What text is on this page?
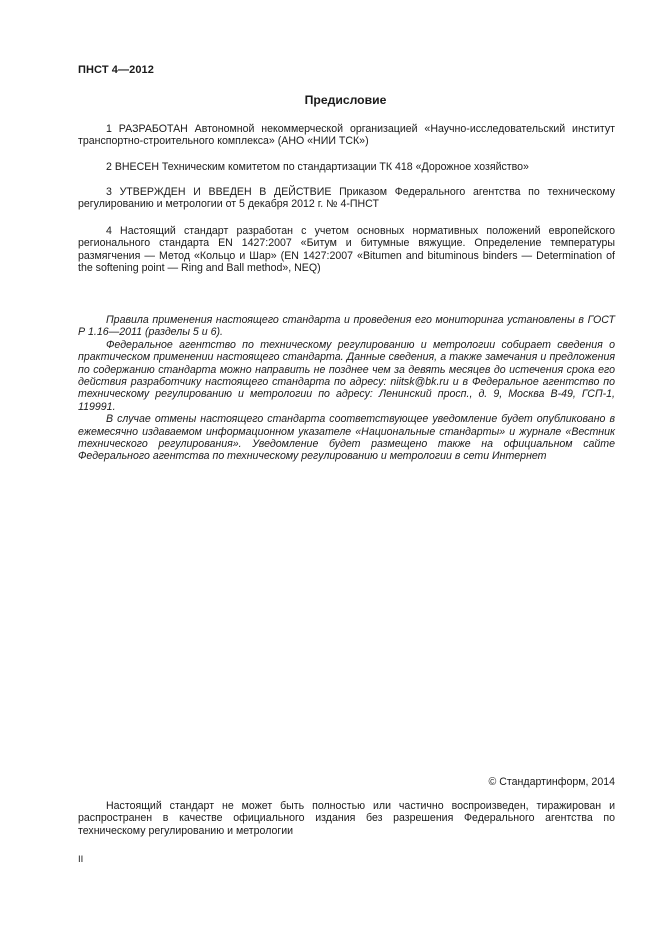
ПНСТ 4—2012
Предисловие

1 РАЗРАБОТАН Автономной некоммерческой организацией «Научно-исследовательский институт транспортно-строительного комплекса» (АНО «НИИ ТСК»)

2 ВНЕСЕН Техническим комитетом по стандартизации ТК 418 «Дорожное хозяйство»

3 УТВЕРЖДЕН И ВВЕДЕН В ДЕЙСТВИЕ Приказом Федерального агентства по техническому регулированию и метрологии от 5 декабря 2012 г. № 4-ПНСТ

4 Настоящий стандарт разработан с учетом основных нормативных положений европейского регионального стандарта EN 1427:2007 «Битум и битумные вяжущие. Определение температуры размягчения — Метод «Кольцо и Шар» (EN 1427:2007 «Bitumen and bituminous binders — Determination of the softening point — Ring and Ball method», NEQ)

Правила применения настоящего стандарта и проведения его мониторинга установлены в ГОСТ Р 1.16—2011 (разделы 5 и 6).

Федеральное агентство по техническому регулированию и метрологии собирает сведения о практическом применении настоящего стандарта. Данные сведения, а также замечания и предложения по содержанию стандарта можно направить не позднее чем за девять месяцев до истечения срока его действия разработчику настоящего стандарта по адресу: niitsk@bk.ru и в Федеральное агентство по техническому регулированию и метрологии по адресу: Ленинский просп., д. 9, Москва В-49, ГСП-1, 119991.

В случае отмены настоящего стандарта соответствующее уведомление будет опубликовано в ежемесячно издаваемом информационном указателе «Национальные стандарты» и журнале «Вестник технического регулирования». Уведомление будет размещено также на официальном сайте Федерального агентства по техническому регулированию и метрологии в сети Интернет

© Стандартинформ, 2014

Настоящий стандарт не может быть полностью или частично воспроизведен, тиражирован и распространен в качестве официального издания без разрешения Федерального агентства по техническому регулированию и метрологии

II
